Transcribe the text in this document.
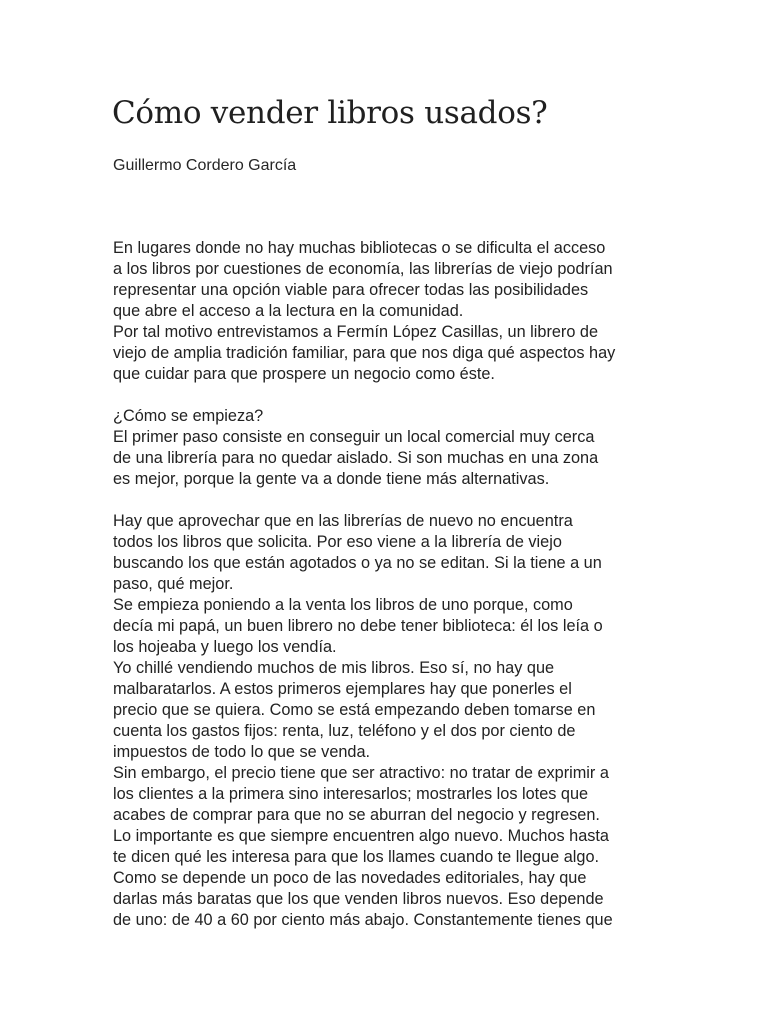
Cómo vender libros usados?

Guillermo Cordero García

En lugares donde no hay muchas bibliotecas o se dificulta el acceso
a los libros por cuestiones de economía, las librerías de viejo podrían
representar una opción viable para ofrecer todas las posibilidades
que abre el acceso a la lectura en la comunidad.
Por tal motivo entrevistamos a Fermín López Casillas, un librero de
viejo de amplia tradición familiar, para que nos diga qué aspectos hay
que cuidar para que prospere un negocio como éste.
¿Cómo se empieza?
El primer paso consiste en conseguir un local comercial muy cerca
de una librería para no quedar aislado. Si son muchas en una zona
es mejor, porque la gente va a donde tiene más alternativas.
Hay que aprovechar que en las librerías de nuevo no encuentra
todos los libros que solicita. Por eso viene a la librería de viejo
buscando los que están agotados o ya no se editan. Si la tiene a un
paso, qué mejor.
Se empieza poniendo a la venta los libros de uno porque, como
decía mi papá, un buen librero no debe tener biblioteca: él los leía o
los hojeaba y luego los vendía.
Yo chillé vendiendo muchos de mis libros. Eso sí, no hay que
malbaratarlos. A estos primeros ejemplares hay que ponerles el
precio que se quiera. Como se está empezando deben tomarse en
cuenta los gastos fijos: renta, luz, teléfono y el dos por ciento de
impuestos de todo lo que se venda.
Sin embargo, el precio tiene que ser atractivo: no tratar de exprimir a
los clientes a la primera sino interesarlos; mostrarles los lotes que
acabes de comprar para que no se aburran del negocio y regresen.
Lo importante es que siempre encuentren algo nuevo. Muchos hasta
te dicen qué les interesa para que los llames cuando te llegue algo.
Como se depende un poco de las novedades editoriales, hay que
darlas más baratas que los que venden libros nuevos. Eso depende
de uno: de 40 a 60 por ciento más abajo. Constantemente tienes que
